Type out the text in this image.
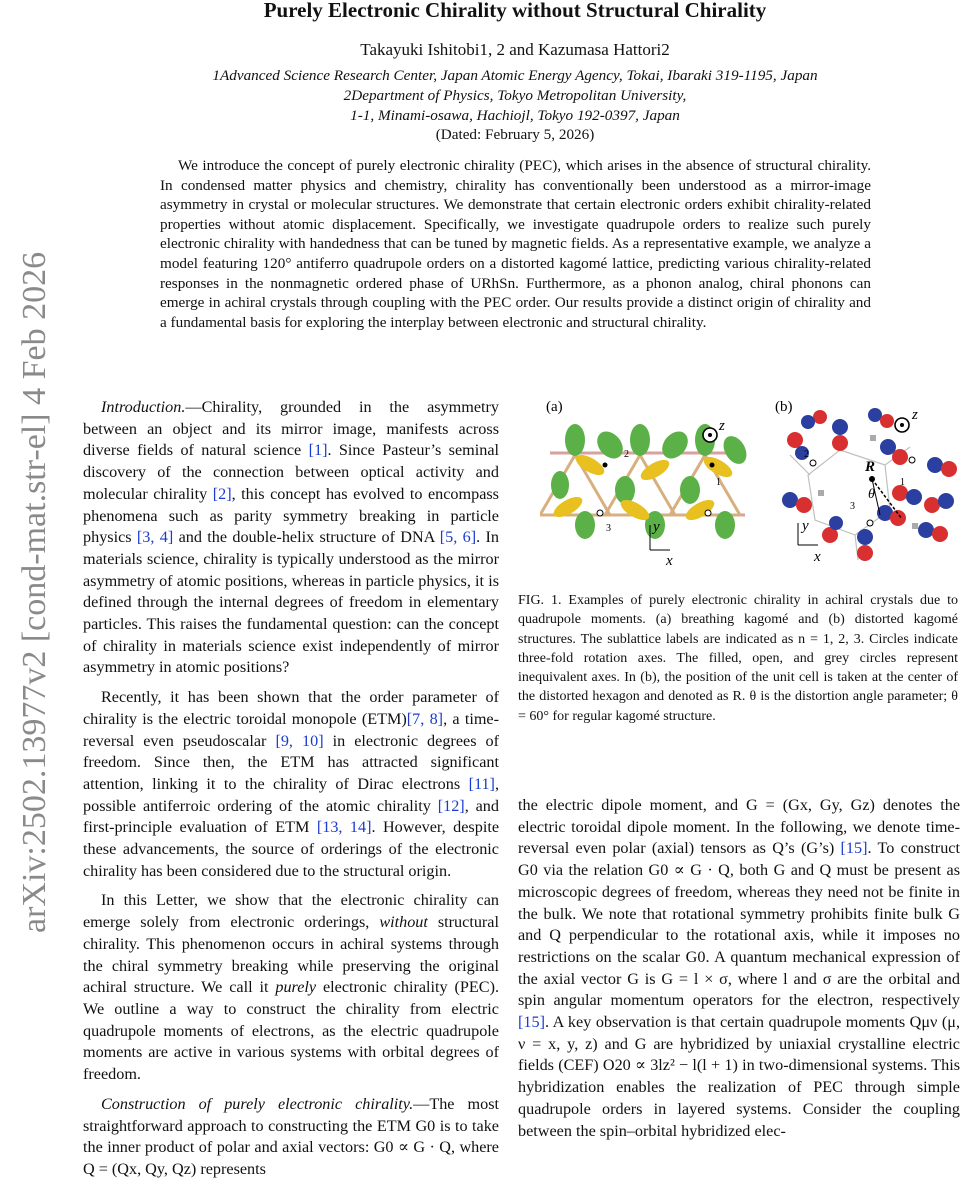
Purely Electronic Chirality without Structural Chirality
Takayuki Ishitobi1, 2 and Kazumasa Hattori2
1Advanced Science Research Center, Japan Atomic Energy Agency, Tokai, Ibaraki 319-1195, Japan
2Department of Physics, Tokyo Metropolitan University,
1-1, Minami-osawa, Hachiojl, Tokyo 192-0397, Japan
(Dated: February 5, 2026)

We introduce the concept of purely electronic chirality (PEC), which arises in the absence of structural chirality. In condensed matter physics and chemistry, chirality has conventionally been understood as a mirror-image asymmetry in crystal or molecular structures. We demonstrate that certain electronic orders exhibit chirality-related properties without atomic displacement. Specifically, we investigate quadrupole orders to realize such purely electronic chirality with handedness that can be tuned by magnetic fields. As a representative example, we analyze a model featuring 120° antiferro quadrupole orders on a distorted kagomé lattice, predicting various chirality-related responses in the nonmagnetic ordered phase of URhSn. Furthermore, as a phonon analog, chiral phonons can emerge in achiral crystals through coupling with the PEC order. Our results provide a distinct origin of chirality and a fundamental basis for exploring the interplay between electronic and structural chirality.

arXiv:2502.13977v2 [cond-mat.str-el] 4 Feb 2026	Introduction.—Chirality, grounded in the asymmetry between an object and its mirror image, manifests across diverse fields of natural science [1]. Since Pasteur’s seminal discovery of the connection between optical activity and molecular chirality [2], this concept has evolved to encompass phenomena such as parity symmetry breaking in particle physics [3, 4] and the double-helix structure of DNA [5, 6]. In materials science, chirality is typically understood as the mirror asymmetry of atomic positions, whereas in particle physics, it is defined through the internal degrees of freedom in elementary particles. This raises the fundamental question: can the concept of chirality in materials science exist independently of mirror asymmetry in atomic positions?

Recently, it has been shown that the order parameter of chirality is the electric toroidal monopole (ETM)[7, 8], a time-reversal even pseudoscalar [9, 10] in electronic degrees of freedom. Since then, the ETM has attracted significant attention, linking it to the chirality of Dirac electrons [11], possible antiferroic ordering of the atomic chirality [12], and first-principle evaluation of ETM [13, 14]. However, despite these advancements, the source of orderings of the electronic chirality has been considered due to the structural origin.

In this Letter, we show that the electronic chirality can emerge solely from electronic orderings, without structural chirality. This phenomenon occurs in achiral systems through the chiral symmetry breaking while preserving the original achiral structure. We call it purely electronic chirality (PEC). We outline a way to construct the chirality from electric quadrupole moments of electrons, as the electric quadrupole moments are active in various systems with orbital degrees of freedom.

Construction of purely electronic chirality.—The most straightforward approach to constructing the ETM G0 is to take the inner product of polar and axial vectors: G0 ∝ G · Q, where Q = (Qx, Qy, Qz) represents

(a)
2
1
3
z
y
x
(b)
2
1
3
R
θ
z
y
x

FIG. 1. Examples of purely electronic chirality in achiral crystals due to quadrupole moments. (a) breathing kagomé and (b) distorted kagomé structures. The sublattice labels are indicated as n = 1, 2, 3. Circles indicate three-fold rotation axes. The filled, open, and grey circles represent inequivalent axes. In (b), the position of the unit cell is taken at the center of the distorted hexagon and denoted as R. θ is the distortion angle parameter; θ = 60° for regular kagomé structure.

the electric dipole moment, and G = (Gx, Gy, Gz) denotes the electric toroidal dipole moment. In the following, we denote time-reversal even polar (axial) tensors as Q’s (G’s) [15]. To construct G0 via the relation G0 ∝ G · Q, both G and Q must be present as microscopic degrees of freedom, whereas they need not be finite in the bulk. We note that rotational symmetry prohibits finite bulk G and Q perpendicular to the rotational axis, while it imposes no restrictions on the scalar G0. A quantum mechanical expression of the axial vector G is G = l × σ, where l and σ are the orbital and spin angular momentum operators for the electron, respectively [15]. A key observation is that certain quadrupole moments Qμν (μ, ν = x, y, z) and G are hybridized by uniaxial crystalline electric fields (CEF) O20 ∝ 3lz² − l(l + 1) in two-dimensional systems. This hybridization enables the realization of PEC through simple quadrupole orders in layered systems. Consider the coupling between the spin–orbital hybridized elec-
